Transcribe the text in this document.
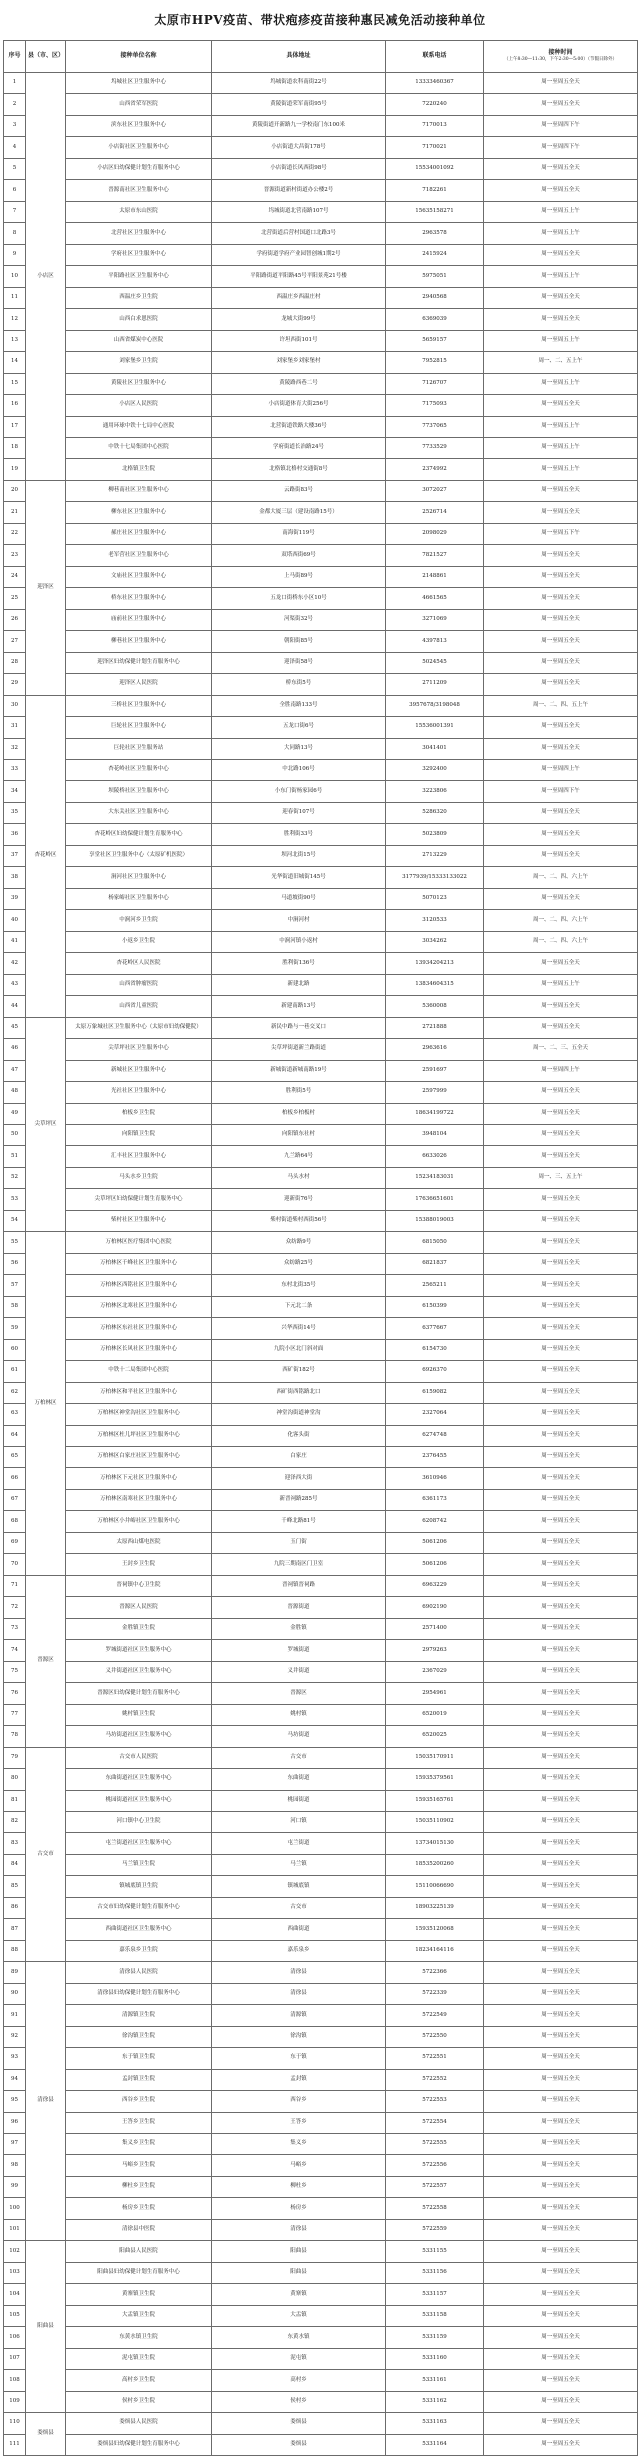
太原市HPV疫苗、带状疱疹疫苗接种惠民减免活动接种单位
序号	县（市、区）	接种单位名称	具体地址	联系电话	接种时间
（上午8:30—11:30，下午2:30—5:00）（节假日除外）

1	小店区	坞城社区卫生服务中心	坞城街道农科南街22号	13333460367	周一至周五全天
2		山西省荣军医院	黄陵街道荣军南街95号	7220240	周一至周五全天
3		滨东社区卫生服务中心	黄陵街道开新路九一学校南门东100米	7170013	周一至周四下午
4		小店街社区卫生服务中心	小店街道大昌街178号	7170021	周一至周四下午
5		小店区妇幼保健计划生育服务中心	小店街道长风西街98号	15534001092	周一至周五全天
6		晋源南社区卫生服务中心	晋源街道新村街道办公楼2号	7182261	周一至周五全天
7		太原市东山医院	坞城街道北营南路107号	15635158271	周一至周五上午
8		北营社区卫生服务中心	北营街道后营村国道口北路3号	2963578	周一至周五上午
9		学府社区卫生服务中心	学府街道学府产业园智创城1期2号	2415924	周一至周五全天
10		平阳路社区卫生服务中心	平阳路街道平阳路45号平阳景苑21号楼	5975051	周一至周五上午
11		西温庄乡卫生院	西温庄乡西温庄村	2940568	周一至周五全天
12		山西白求恩医院	龙城大街99号	6369039	周一至周五全天
13		山西省煤炭中心医院	许坦西街101号	5659157	周一至周五上午
14		刘家堡乡卫生院	刘家堡乡刘家堡村	7952815	周一、二、五上午
15		黄陵社区卫生服务中心	黄陵路西巷二号	7126707	周一至周五上午
16		小店区人民医院	小店街道体育大街256号	7175093	周一至周五全天
17		通用环球中铁十七局中心医院	北营街道铁路大楼36号	7737065	周一至周五上午
18		中铁十七局集团中心医院	学府街道长治路24号	7733529	周一至周五上午
19		北格镇卫生院	北格镇北格村交通街8号	2374992	周一至周五上午
20	迎泽区	柳巷南社区卫生服务中心	云路街83号	3072027	周一至周五全天
21		柳东社区卫生服务中心	金都大厦三层（建设南路15号）	2526714	周一至周五全天
22		郝庄社区卫生服务中心	南海街119号	2098029	周一至周五下午
23		老军营社区卫生服务中心	双塔西街69号	7821527	周一至周五全天
24		文庙社区卫生服务中心	上马街89号	2148861	周一至周五全天
25		桥东社区卫生服务中心	五龙口街桥东小区10号	4661565	周一至周五全天
26		庙前社区卫生服务中心	河渠街32号	3271069	周一至周五全天
27		柳巷社区卫生服务中心	朝阳街85号	4397813	周一至周五全天
28		迎泽区妇幼保健计划生育服务中心	迎泽街58号	5024545	周一至周五全天
29		迎泽区人民医院	桥东街5号	2711209	周一至周五全天
30	杏花岭区	三桥社区卫生服务中心	全胜南路133号	3957678/3198048	周一、二、四、五上午
31		巨轮社区卫生服务中心	五龙口街6号	15536001391	周一至周五全天
32		巨轮社区卫生服务站	大同路13号	3041401	周一至周五全天
33		杏花岭社区卫生服务中心	中北路106号	3292400	周一至周四上午
34		坝陵桥社区卫生服务中心	小东门街杨家园6号	3223806	周一至周四下午
35		大东关社区卫生服务中心	迎春街107号	5286320	周一至周五全天
36		杏花岭区妇幼保健计划生育服务中心	胜利街33号	5023809	周一至周五全天
37		享堂社区卫生服务中心（太原矿机医院）	坝河北街15号	2713229	周一至周五全天
38		涧河社区卫生服务中心	光华街道旧城街145号	3177939/15333133022	周一、二、四、六上午
39		杨家峪社区卫生服务中心	马道坡街90号	5070123	周一至周五全天
40		中涧河乡卫生院	中涧河村	3120533	周一、二、四、六上午
41		小返乡卫生院	中涧河镇小返村	3034262	周一、二、四、六上午
42		杏花岭区人民医院	胜利街136号	13934204213	周一至周五全天
43		山西省肿瘤医院	新建北路	13834604315	周一至周五上午
44		山西省儿童医院	新建南路13号	5360008	周一至周五全天
45	尖草坪区	太原万象城社区卫生服务中心（太原市妇幼保健院）	新民中路与一巷交叉口	2721888	周一至周五全天
46		尖草坪社区卫生服务中心	尖草坪街道新兰路街道	2963616	周一、二、三、五全天
47		新城社区卫生服务中心	新城街道新城南路19号	2591697	周一至周四上午
48		光社社区卫生服务中心	胜利街5号	2597999	周一至周五全天
49		柏板乡卫生院	柏板乡柏板村	18634199722	周一至周五全天
50		向阳镇卫生院	向阳镇东社村	3948104	周一至周五全天
51		汇丰社区卫生服务中心	九兰路64号	6633026	周一至周五全天
52		马头水乡卫生院	马头水村	15234183031	周一、三、五上午
53		尖草坪区妇幼保健计划生育服务中心	迎新街76号	17636651601	周一至周五全天
54		柴村社区卫生服务中心	柴村街道柴村西街56号	15388019003	周一至周五全天
55	万柏林区	万柏林区医疗集团中心医院	众纺路9号	6815050	周一至周五全天
56		万柏林区千峰社区卫生服务中心	众纺路25号	6821837	周一至周五全天
57		万柏林区西铭社区卫生服务中心	东村北街35号	2565211	周一至周五全天
58		万柏林区北寒社区卫生服务中心	下元北二条	6150399	周一至周五全天
59		万柏林区东社社区卫生服务中心	兴华西街14号	6377667	周一至周五全天
60		万柏林区长风社区卫生服务中心	九院小区北门斜对面	6154730	周一至周五全天
61		中铁十二局集团中心医院	西矿街182号	6926370	周一至周五全天
62		万柏林区和平社区卫生服务中心	西矿街西铭路北口	6159082	周一至周五全天
63		万柏林区神堂沟社区卫生服务中心	神堂沟街道神堂沟	2327064	周一至周五全天
64		万柏林区杜儿坪社区卫生服务中心	化客头街	6274748	周一至周五全天
65		万柏林区白家庄社区卫生服务中心	白家庄	2376455	周一至周五全天
66		万柏林区下元社区卫生服务中心	迎泽西大街	3610946	周一至周五全天
67		万柏林区南寒社区卫生服务中心	新晋祠路285号	6361173	周一至周五全天
68		万柏林区小井峪社区卫生服务中心	千峰北路81号	6208742	周一至周五全天
69		太原西山煤电医院	玉门街	5061206	周一至周五全天
70		王封乡卫生院	九院三期南区门卫室	5061206	周一至周五全天
71	晋源区	晋祠镇中心卫生院	晋祠镇晋祠路	6963229	周一至周五全天
72		晋源区人民医院	晋源街道	6902190	周一至周五全天
73		金胜镇卫生院	金胜镇	2571400	周一至周五全天
74		罗城街道社区卫生服务中心	罗城街道	2979263	周一至周五全天
75		义井街道社区卫生服务中心	义井街道	2367029	周一至周五全天
76		晋源区妇幼保健计划生育服务中心	晋源区	2954961	周一至周五全天
77		姚村镇卫生院	姚村镇	6520019	周一至周五全天
78		马坊街道社区卫生服务中心	马坊街道	6520025	周一至周五全天
79	古交市	古交市人民医院	古交市	15035170911	周一至周五全天
80		东曲街道社区卫生服务中心	东曲街道	15935379561	周一至周五全天
81		桃园街道社区卫生服务中心	桃园街道	15935165761	周一至周五全天
82		河口镇中心卫生院	河口镇	15035110902	周一至周五全天
83		屯兰街道社区卫生服务中心	屯兰街道	13734015130	周一至周五全天
84		马兰镇卫生院	马兰镇	18535200260	周一至周五全天
85		镇城底镇卫生院	镇城底镇	15110066690	周一至周五全天
86		古交市妇幼保健计划生育服务中心	古交市	18903225139	周一至周五全天
87		西曲街道社区卫生服务中心	西曲街道	15935120068	周一至周五全天
88		嘉乐泉乡卫生院	嘉乐泉乡	18234164116	周一至周五全天
89	清徐县	清徐县人民医院	清徐县	5722366	周一至周五全天
90		清徐县妇幼保健计划生育服务中心	清徐县	5722339	周一至周五全天
91		清源镇卫生院	清源镇	5722549	周一至周五全天
92		徐沟镇卫生院	徐沟镇	5722550	周一至周五全天
93		东于镇卫生院	东于镇	5722551	周一至周五全天
94		孟封镇卫生院	孟封镇	5722552	周一至周五全天
95		西谷乡卫生院	西谷乡	5722553	周一至周五全天
96		王答乡卫生院	王答乡	5722554	周一至周五全天
97		集义乡卫生院	集义乡	5722555	周一至周五全天
98		马峪乡卫生院	马峪乡	5722556	周一至周五全天
99		柳杜乡卫生院	柳杜乡	5722557	周一至周五全天
100		杨房乡卫生院	杨房乡	5722558	周一至周五全天
101		清徐县中医院	清徐县	5722559	周一至周五全天
102	阳曲县	阳曲县人民医院	阳曲县	5331155	周一至周五全天
103		阳曲县妇幼保健计划生育服务中心	阳曲县	5331156	周一至周五全天
104		黄寨镇卫生院	黄寨镇	5331157	周一至周五全天
105		大盂镇卫生院	大盂镇	5331158	周一至周五全天
106		东黄水镇卫生院	东黄水镇	5331159	周一至周五全天
107		泥屯镇卫生院	泥屯镇	5331160	周一至周五全天
108		高村乡卫生院	高村乡	5331161	周一至周五全天
109		侯村乡卫生院	侯村乡	5331162	周一至周五全天
110	娄烦县	娄烦县人民医院	娄烦县	5331163	周一至周五全天
111		娄烦县妇幼保健计划生育服务中心	娄烦县	5331164	周一至周五全天
